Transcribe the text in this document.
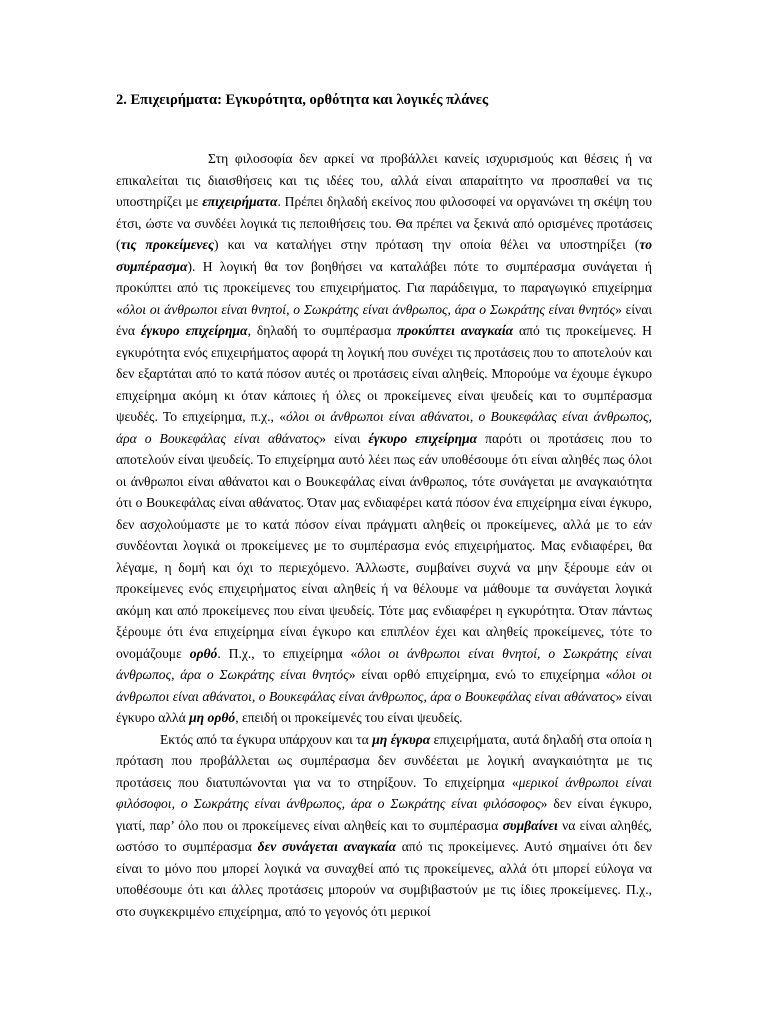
2. Επιχειρήματα: Εγκυρότητα, ορθότητα και λογικές πλάνες

Στη φιλοσοφία δεν αρκεί να προβάλλει κανείς ισχυρισμούς και θέσεις ή να επικαλείται τις διαισθήσεις και τις ιδέες του, αλλά είναι απαραίτητο να προσπαθεί να τις υποστηρίζει με επιχειρήματα. Πρέπει δηλαδή εκείνος που φιλοσοφεί να οργανώνει τη σκέψη του έτσι, ώστε να συνδέει λογικά τις πεποιθήσεις του. Θα πρέπει να ξεκινά από ορισμένες προτάσεις (τις προκείμενες) και να καταλήγει στην πρόταση την οποία θέλει να υποστηρίξει (το συμπέρασμα). Η λογική θα τον βοηθήσει να καταλάβει πότε το συμπέρασμα συνάγεται ή προκύπτει από τις προκείμενες του επιχειρήματος. Για παράδειγμα, το παραγωγικό επιχείρημα «όλοι οι άνθρωποι είναι θνητοί, ο Σωκράτης είναι άνθρωπος, άρα ο Σωκράτης είναι θνητός» είναι ένα έγκυρο επιχείρημα, δηλαδή το συμπέρασμα προκύπτει αναγκαία από τις προκείμενες. Η εγκυρότητα ενός επιχειρήματος αφορά τη λογική που συνέχει τις προτάσεις που το αποτελούν και δεν εξαρτάται από το κατά πόσον αυτές οι προτάσεις είναι αληθείς. Μπορούμε να έχουμε έγκυρο επιχείρημα ακόμη κι όταν κάποιες ή όλες οι προκείμενες είναι ψευδείς και το συμπέρασμα ψευδές. Το επιχείρημα, π.χ., «όλοι οι άνθρωποι είναι αθάνατοι, ο Βουκεφάλας είναι άνθρωπος, άρα ο Βουκεφάλας είναι αθάνατος» είναι έγκυρο επιχείρημα παρότι οι προτάσεις που το αποτελούν είναι ψευδείς. Το επιχείρημα αυτό λέει πως εάν υποθέσουμε ότι είναι αληθές πως όλοι οι άνθρωποι είναι αθάνατοι και ο Βουκεφάλας είναι άνθρωπος, τότε συνάγεται με αναγκαιότητα ότι ο Βουκεφάλας είναι αθάνατος. Όταν μας ενδιαφέρει κατά πόσον ένα επιχείρημα είναι έγκυρο, δεν ασχολούμαστε με το κατά πόσον είναι πράγματι αληθείς οι προκείμενες, αλλά με το εάν συνδέονται λογικά οι προκείμενες με το συμπέρασμα ενός επιχειρήματος. Μας ενδιαφέρει, θα λέγαμε, η δομή και όχι το περιεχόμενο. Άλλωστε, συμβαίνει συχνά να μην ξέρουμε εάν οι προκείμενες ενός επιχειρήματος είναι αληθείς ή να θέλουμε να μάθουμε τα συνάγεται λογικά ακόμη και από προκείμενες που είναι ψευδείς. Τότε μας ενδιαφέρει η εγκυρότητα. Όταν πάντως ξέρουμε ότι ένα επιχείρημα είναι έγκυρο και επιπλέον έχει και αληθείς προκείμενες, τότε το ονομάζουμε ορθό. Π.χ., το επιχείρημα «όλοι οι άνθρωποι είναι θνητοί, ο Σωκράτης είναι άνθρωπος, άρα ο Σωκράτης είναι θνητός» είναι ορθό επιχείρημα, ενώ το επιχείρημα «όλοι οι άνθρωποι είναι αθάνατοι, ο Βουκεφάλας είναι άνθρωπος, άρα ο Βουκεφάλας είναι αθάνατος» είναι έγκυρο αλλά μη ορθό, επειδή οι προκείμενές του είναι ψευδείς.

Εκτός από τα έγκυρα υπάρχουν και τα μη έγκυρα επιχειρήματα, αυτά δηλαδή στα οποία η πρόταση που προβάλλεται ως συμπέρασμα δεν συνδέεται με λογική αναγκαιότητα με τις προτάσεις που διατυπώνονται για να το στηρίξουν. Το επιχείρημα «μερικοί άνθρωποι είναι φιλόσοφοι, ο Σωκράτης είναι άνθρωπος, άρα ο Σωκράτης είναι φιλόσοφος» δεν είναι έγκυρο, γιατί, παρ’ όλο που οι προκείμενες είναι αληθείς και το συμπέρασμα συμβαίνει να είναι αληθές, ωστόσο το συμπέρασμα δεν συνάγεται αναγκαία από τις προκείμενες. Αυτό σημαίνει ότι δεν είναι το μόνο που μπορεί λογικά να συναχθεί από τις προκείμενες, αλλά ότι μπορεί εύλογα να υποθέσουμε ότι και άλλες προτάσεις μπορούν να συμβιβαστούν με τις ίδιες προκείμενες. Π.χ., στο συγκεκριμένο επιχείρημα, από το γεγονός ότι μερικοί
